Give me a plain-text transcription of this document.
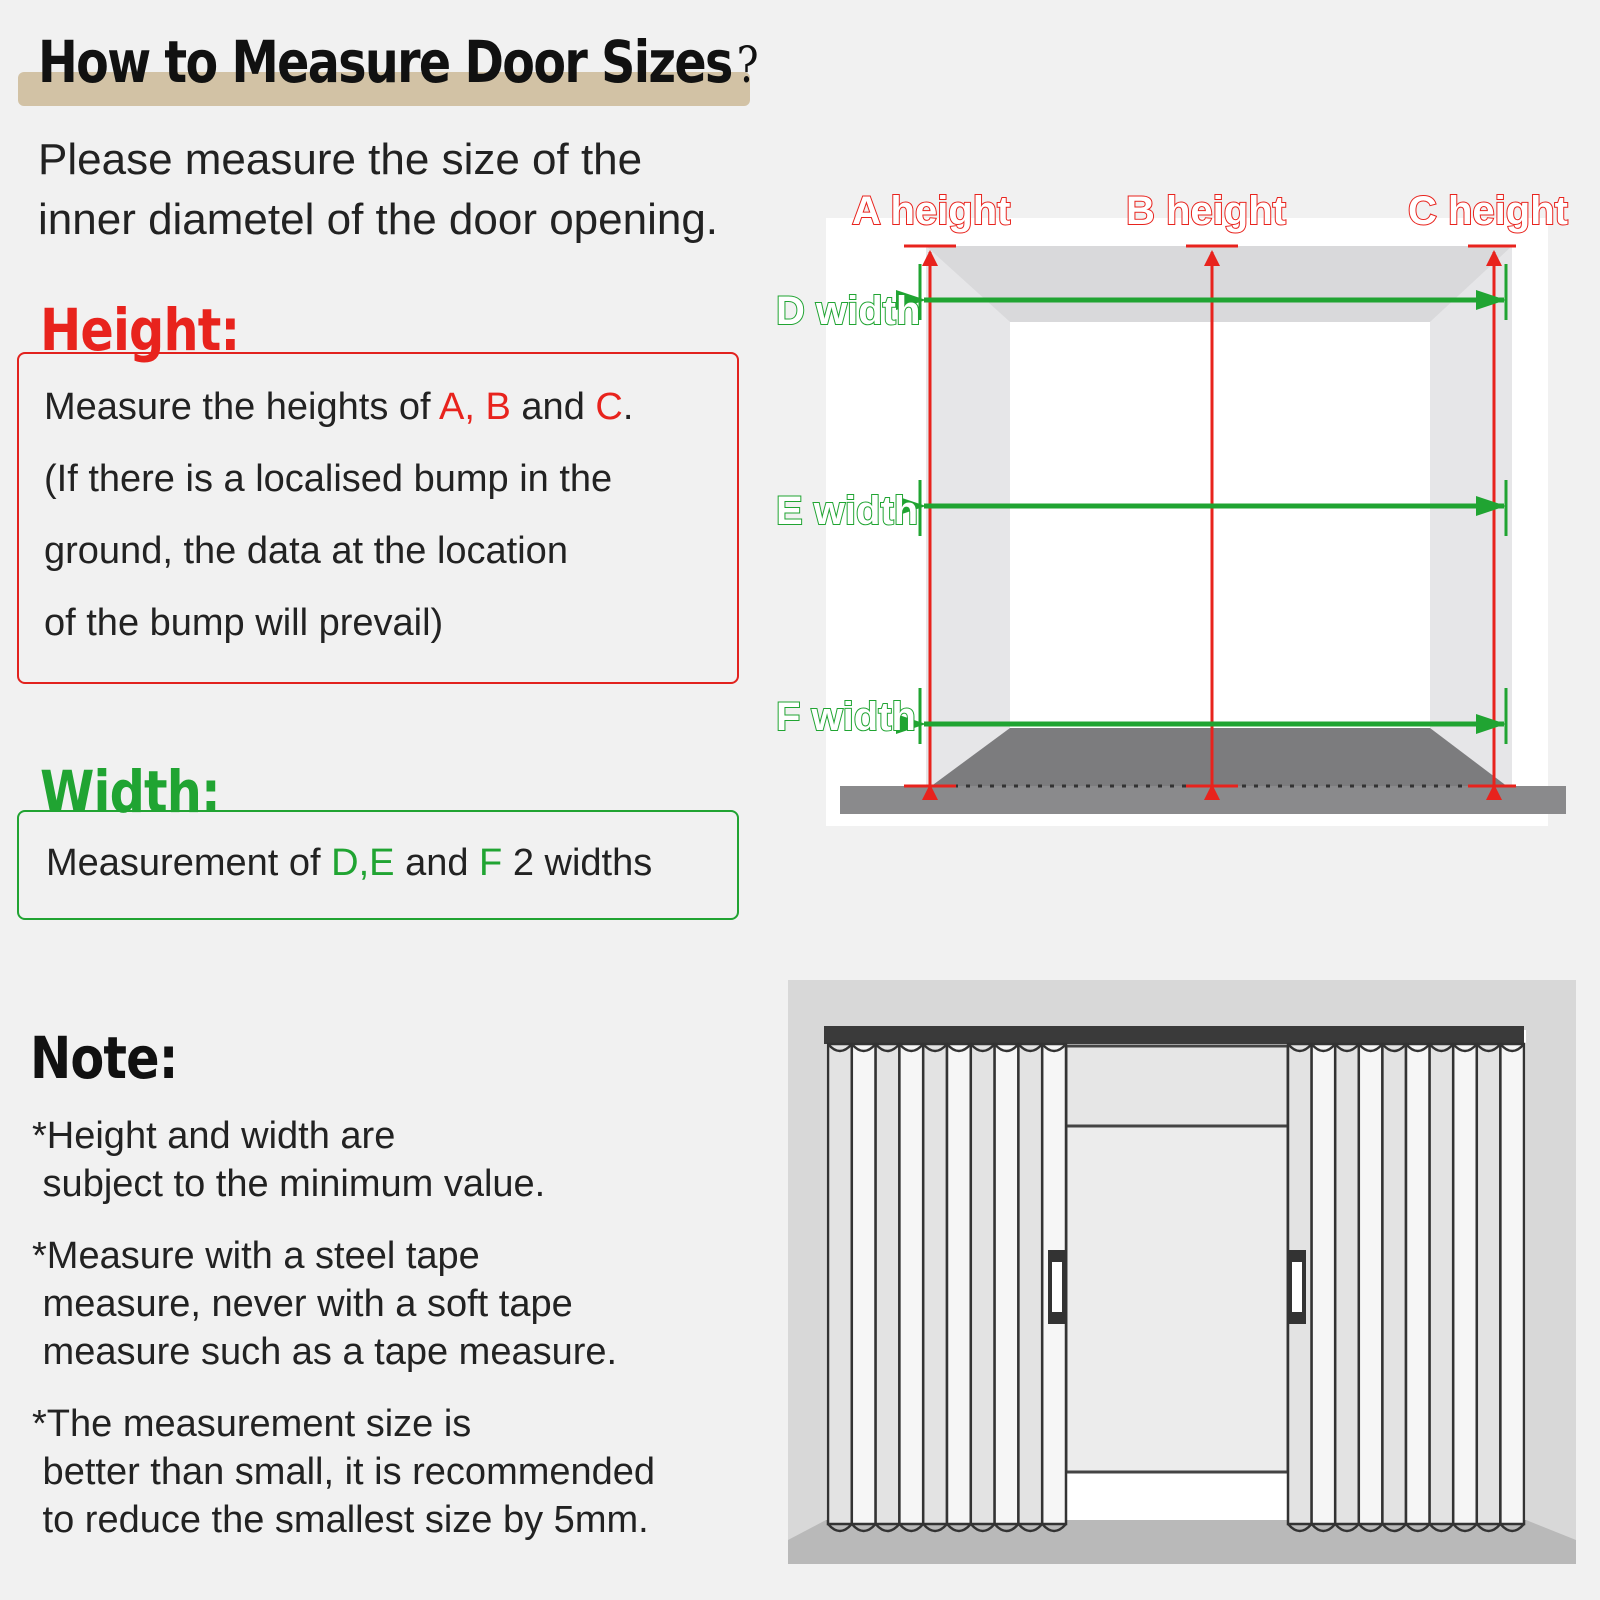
How to Measure Door Sizes?
Please measure the size of the
inner diametel of the door opening.
Height:
Measure the heights of A, B and C.
(If there is a localised bump in the
ground, the data at the location
of the bump will prevail)
Width:
Measurement of D,E and F 2 widths
Note:
*Height and width are
subject to the minimum value.
*Measure with a steel tape
measure, never with a soft tape
measure such as a tape measure.
*The measurement size is
better than small, it is recommended
to reduce the smallest size by 5mm.
A height	B height	C height
D width
E width
F width
